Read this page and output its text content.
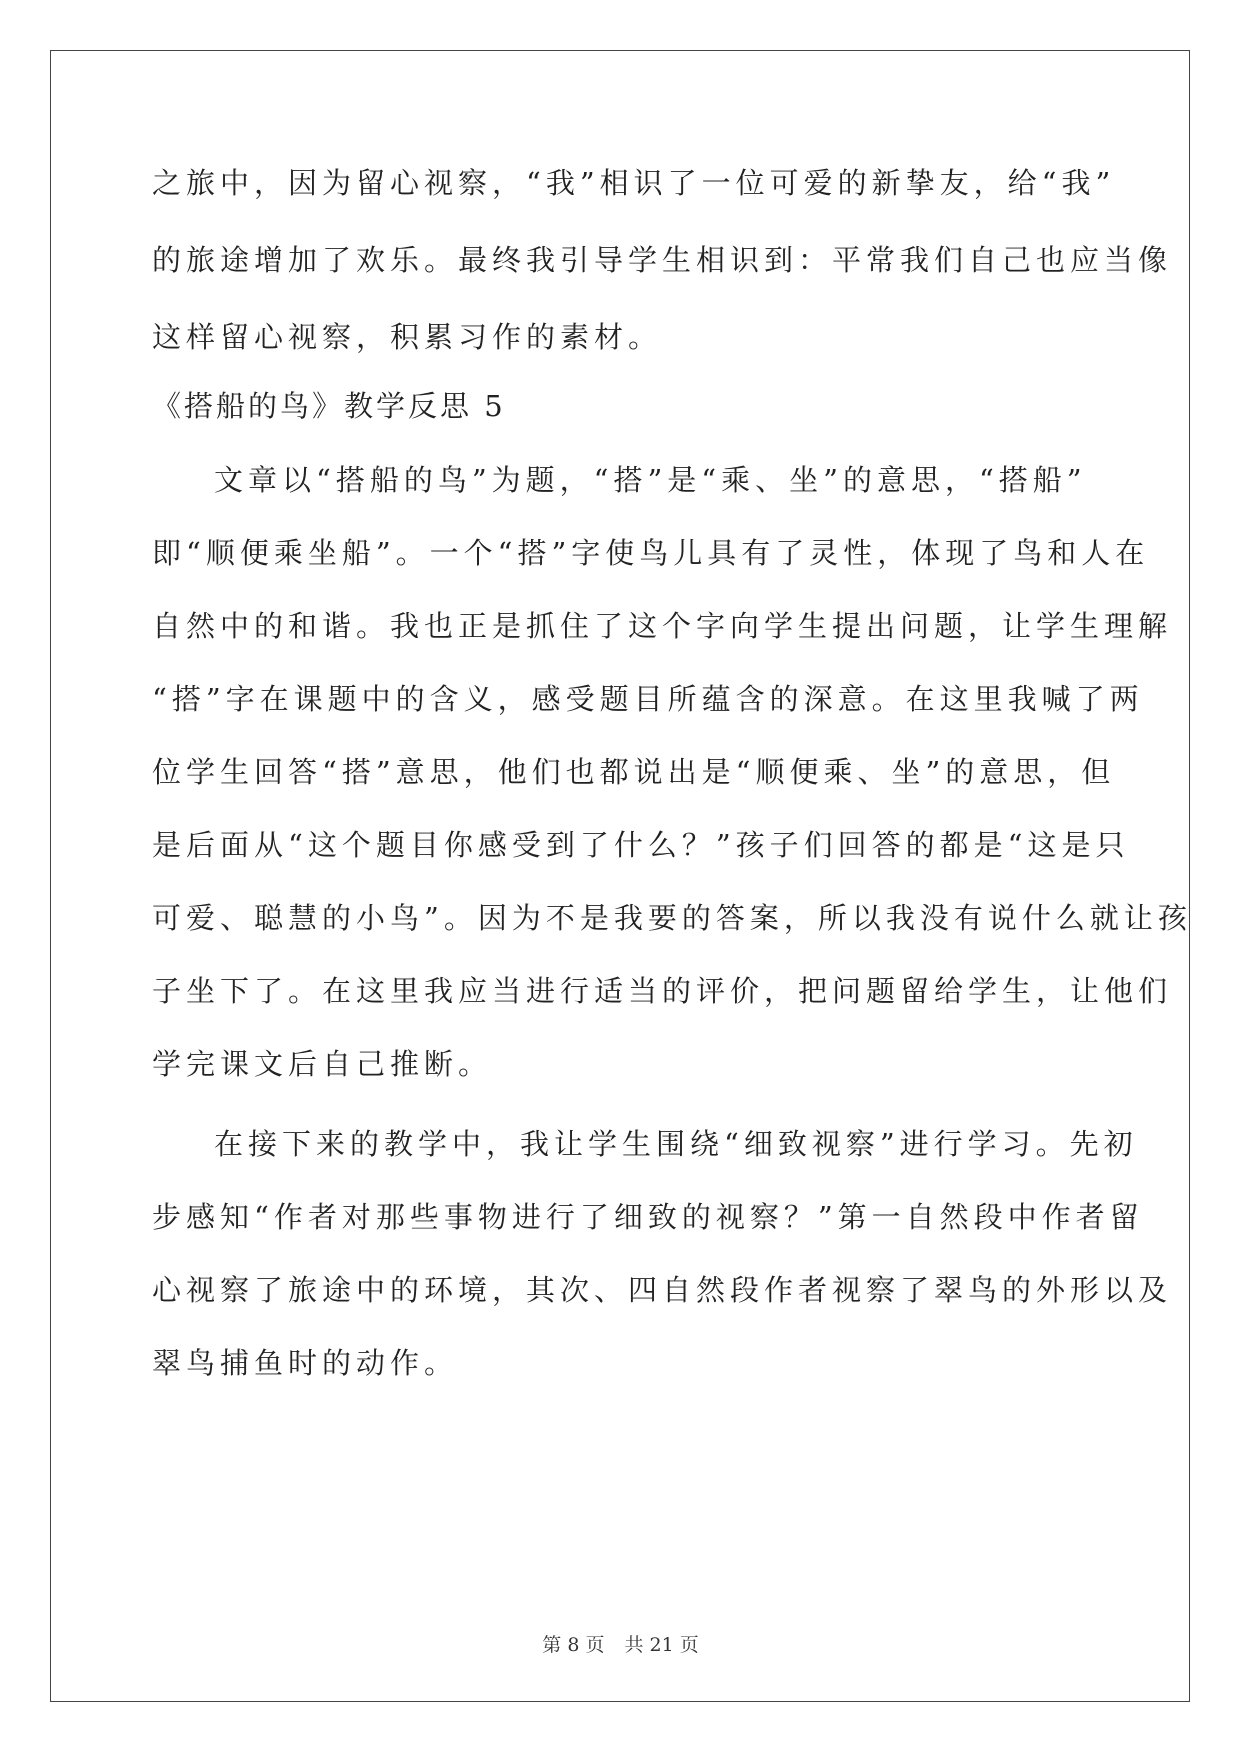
之旅中，因为留心视察，“我”相识了一位可爱的新挚友，给“我”
的旅途增加了欢乐。最终我引导学生相识到：平常我们自己也应当像
这样留心视察，积累习作的素材。
《搭船的鸟》教学反思 5
文章以“搭船的鸟”为题，“搭”是“乘、坐”的意思，“搭船”
即“顺便乘坐船”。一个“搭”字使鸟儿具有了灵性，体现了鸟和人在
自然中的和谐。我也正是抓住了这个字向学生提出问题，让学生理解
“搭”字在课题中的含义，感受题目所蕴含的深意。在这里我喊了两
位学生回答“搭”意思，他们也都说出是“顺便乘、坐”的意思，但
是后面从“这个题目你感受到了什么？”孩子们回答的都是“这是只
可爱、聪慧的小鸟”。因为不是我要的答案，所以我没有说什么就让孩
子坐下了。在这里我应当进行适当的评价，把问题留给学生，让他们
学完课文后自己推断。
在接下来的教学中，我让学生围绕“细致视察”进行学习。先初
步感知“作者对那些事物进行了细致的视察？”第一自然段中作者留
心视察了旅途中的环境，其次、四自然段作者视察了翠鸟的外形以及
翠鸟捕鱼时的动作。
第 8 页 共 21 页
